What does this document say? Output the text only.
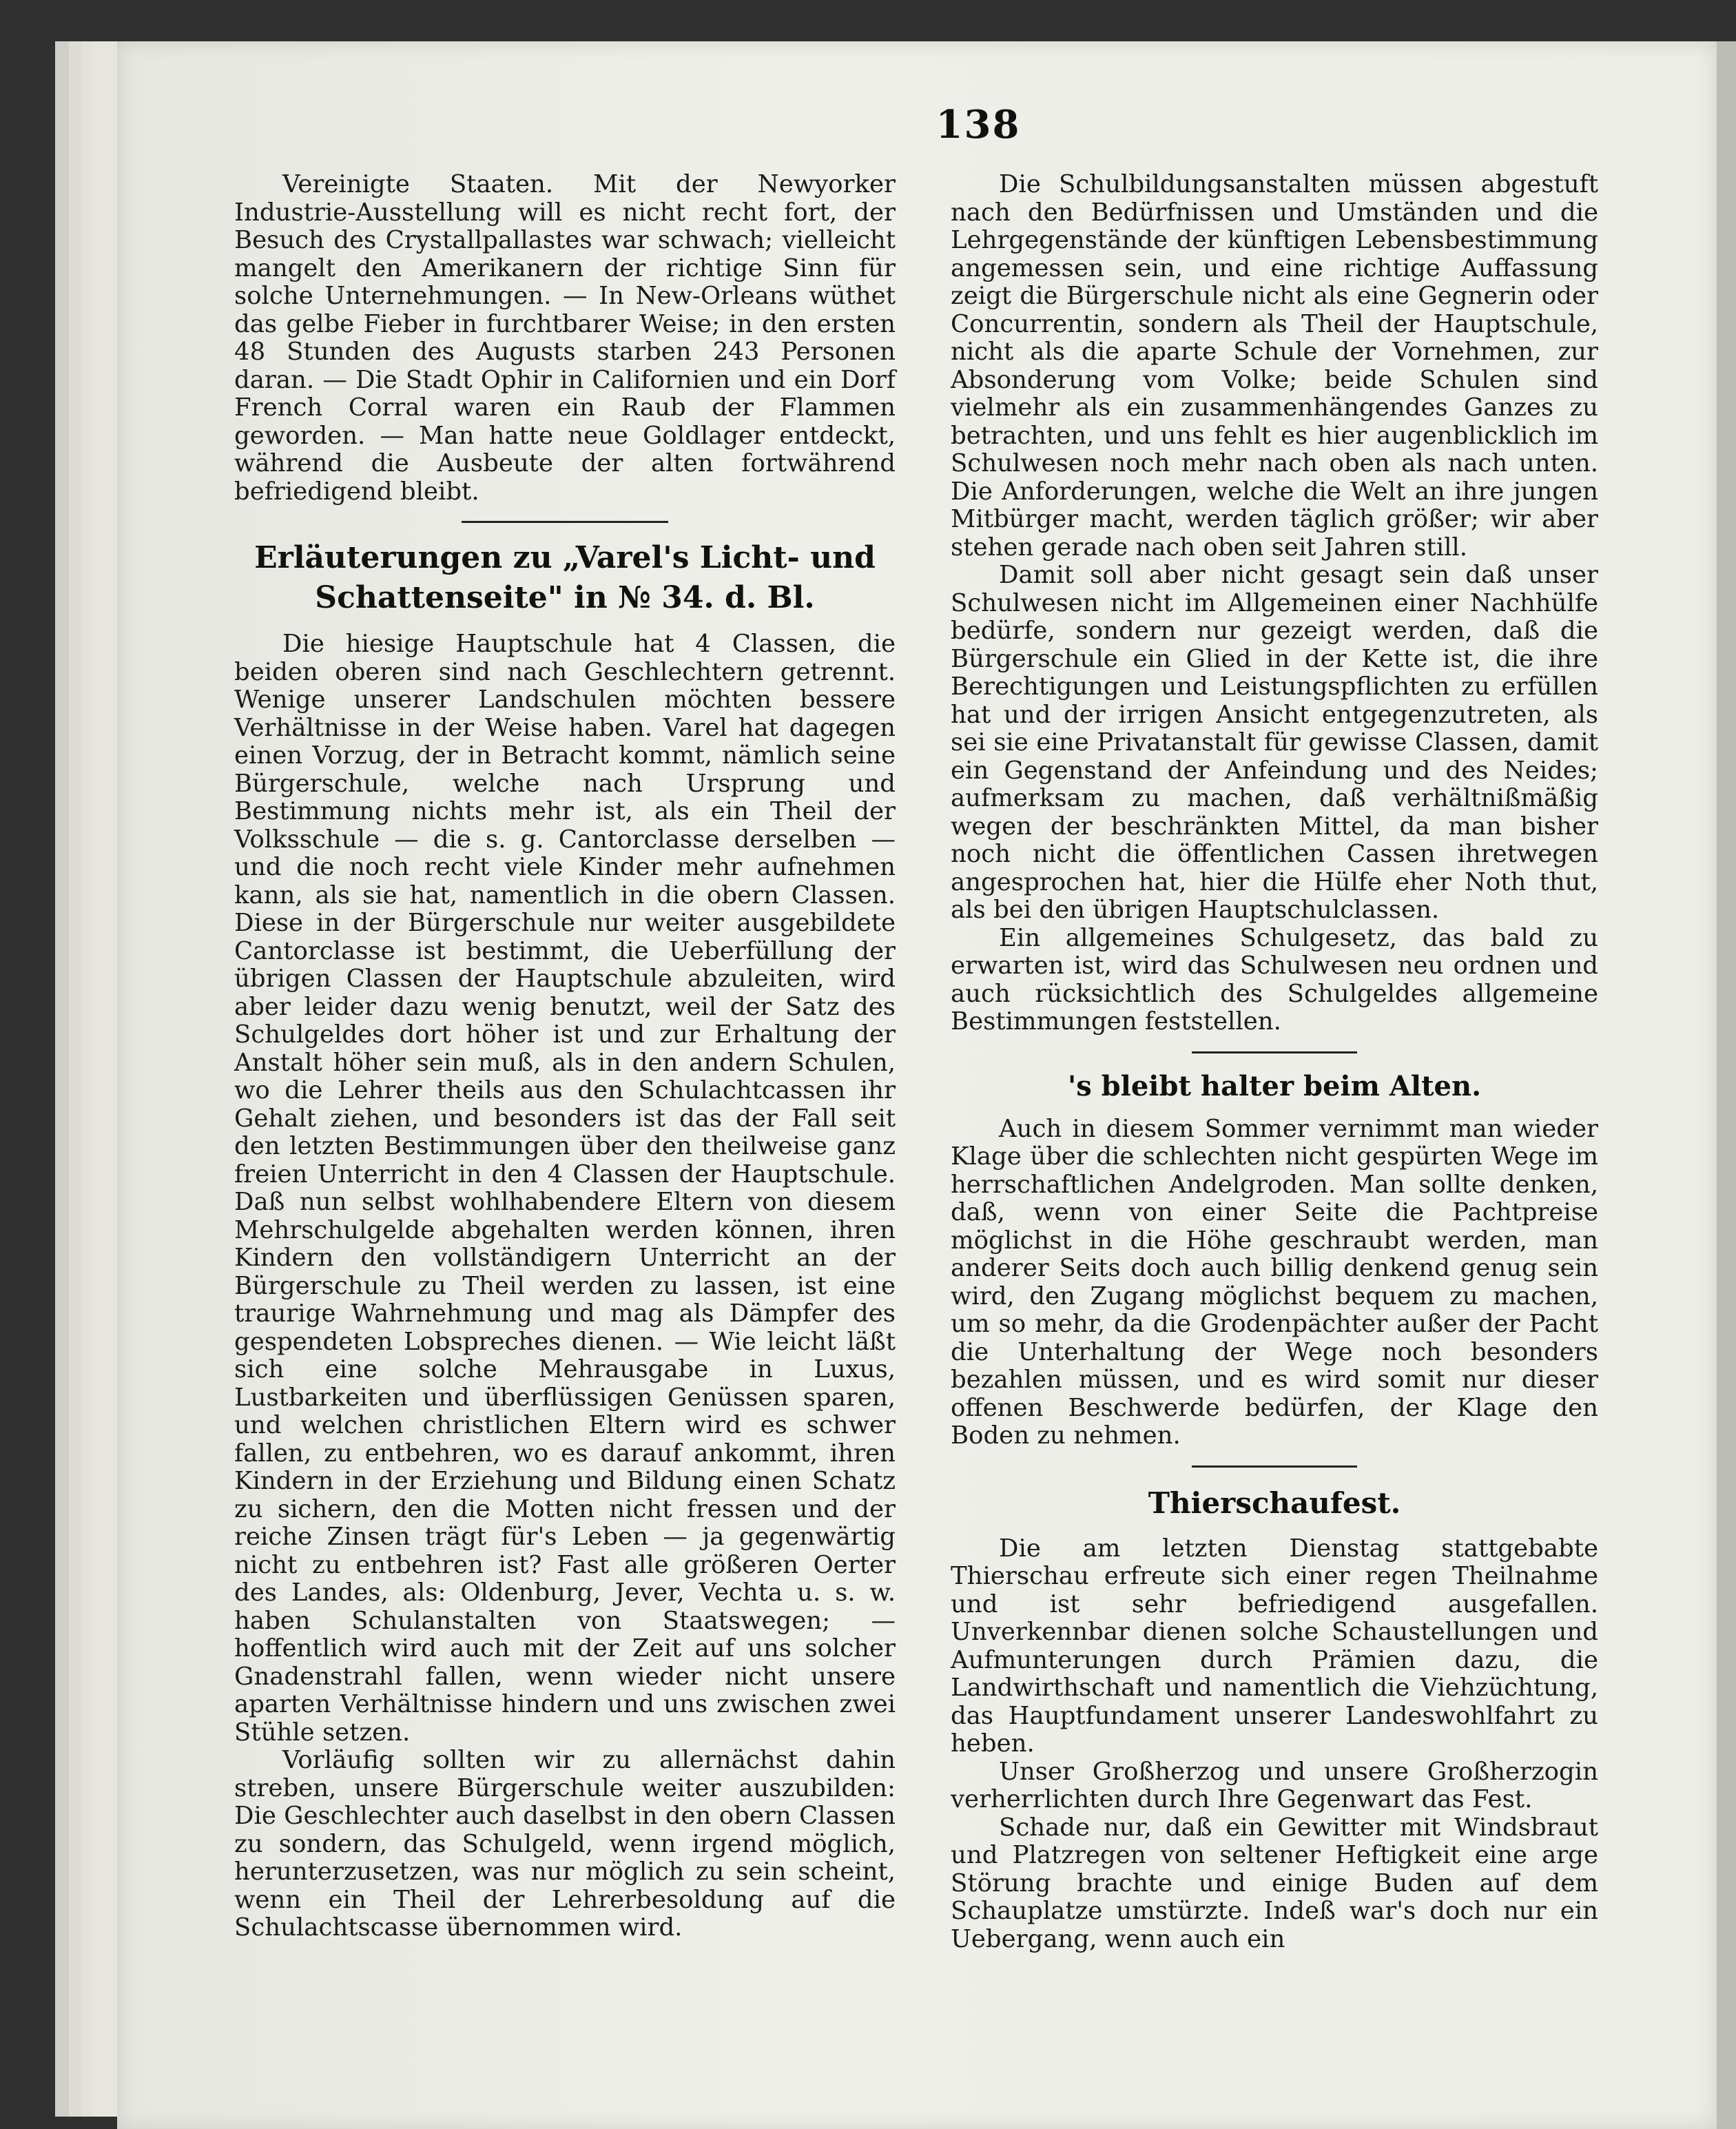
138

Vereinigte Staaten. Mit der Newyorker Industrie-Ausstellung will es nicht recht fort, der Besuch des Crystallpallastes war schwach; vielleicht mangelt den Amerikanern der richtige Sinn für solche Unternehmungen. — In New-Orleans wüthet das gelbe Fieber in furchtbarer Weise; in den ersten 48 Stunden des Augusts starben 243 Personen daran. — Die Stadt Ophir in Californien und ein Dorf French Corral waren ein Raub der Flammen geworden. — Man hatte neue Goldlager entdeckt, während die Ausbeute der alten fortwährend befriedigend bleibt.

Erläuterungen zu „Varel's Licht- und
Schattenseite" in № 34. d. Bl.

Die hiesige Hauptschule hat 4 Classen, die beiden oberen sind nach Geschlechtern getrennt. Wenige unserer Landschulen möchten bessere Verhältnisse in der Weise haben. Varel hat dagegen einen Vorzug, der in Betracht kommt, nämlich seine Bürgerschule, welche nach Ursprung und Bestimmung nichts mehr ist, als ein Theil der Volksschule — die s. g. Cantorclasse derselben — und die noch recht viele Kinder mehr aufnehmen kann, als sie hat, namentlich in die obern Classen. Diese in der Bürgerschule nur weiter ausgebildete Cantorclasse ist bestimmt, die Ueberfüllung der übrigen Classen der Hauptschule abzuleiten, wird aber leider dazu wenig benutzt, weil der Satz des Schulgeldes dort höher ist und zur Erhaltung der Anstalt höher sein muß, als in den andern Schulen, wo die Lehrer theils aus den Schulachtcassen ihr Gehalt ziehen, und besonders ist das der Fall seit den letzten Bestimmungen über den theilweise ganz freien Unterricht in den 4 Classen der Hauptschule. Daß nun selbst wohlhabendere Eltern von diesem Mehrschulgelde abgehalten werden können, ihren Kindern den vollständigern Unterricht an der Bürgerschule zu Theil werden zu lassen, ist eine traurige Wahrnehmung und mag als Dämpfer des gespendeten Lobspreches dienen. — Wie leicht läßt sich eine solche Mehrausgabe in Luxus, Lustbarkeiten und überflüssigen Genüssen sparen, und welchen christlichen Eltern wird es schwer fallen, zu entbehren, wo es darauf ankommt, ihren Kindern in der Erziehung und Bildung einen Schatz zu sichern, den die Motten nicht fressen und der reiche Zinsen trägt für's Leben — ja gegenwärtig nicht zu entbehren ist? Fast alle größeren Oerter des Landes, als: Oldenburg, Jever, Vechta u. s. w. haben Schulanstalten von Staatswegen; — hoffentlich wird auch mit der Zeit auf uns solcher Gnadenstrahl fallen, wenn wieder nicht unsere aparten Verhältnisse hindern und uns zwischen zwei Stühle setzen.

Vorläufig sollten wir zu allernächst dahin streben, unsere Bürgerschule weiter auszubilden: Die Geschlechter auch daselbst in den obern Classen zu sondern, das Schulgeld, wenn irgend möglich, herunterzusetzen, was nur möglich zu sein scheint, wenn ein Theil der Lehrerbesoldung auf die Schulachtscasse übernommen wird.

Die Schulbildungsanstalten müssen abgestuft nach den Bedürfnissen und Umständen und die Lehrgegenstände der künftigen Lebensbestimmung angemessen sein, und eine richtige Auffassung zeigt die Bürgerschule nicht als eine Gegnerin oder Concurrentin, sondern als Theil der Hauptschule, nicht als die aparte Schule der Vornehmen, zur Absonderung vom Volke; beide Schulen sind vielmehr als ein zusammenhängendes Ganzes zu betrachten, und uns fehlt es hier augenblicklich im Schulwesen noch mehr nach oben als nach unten. Die Anforderungen, welche die Welt an ihre jungen Mitbürger macht, werden täglich größer; wir aber stehen gerade nach oben seit Jahren still.

Damit soll aber nicht gesagt sein daß unser Schulwesen nicht im Allgemeinen einer Nachhülfe bedürfe, sondern nur gezeigt werden, daß die Bürgerschule ein Glied in der Kette ist, die ihre Berechtigungen und Leistungspflichten zu erfüllen hat und der irrigen Ansicht entgegenzutreten, als sei sie eine Privatanstalt für gewisse Classen, damit ein Gegenstand der Anfeindung und des Neides; aufmerksam zu machen, daß verhältnißmäßig wegen der beschränkten Mittel, da man bisher noch nicht die öffentlichen Cassen ihretwegen angesprochen hat, hier die Hülfe eher Noth thut, als bei den übrigen Hauptschulclassen.

Ein allgemeines Schulgesetz, das bald zu erwarten ist, wird das Schulwesen neu ordnen und auch rücksichtlich des Schulgeldes allgemeine Bestimmungen feststellen.

's bleibt halter beim Alten.

Auch in diesem Sommer vernimmt man wieder Klage über die schlechten nicht gespürten Wege im herrschaftlichen Andelgroden. Man sollte denken, daß, wenn von einer Seite die Pachtpreise möglichst in die Höhe geschraubt werden, man anderer Seits doch auch billig denkend genug sein wird, den Zugang möglichst bequem zu machen, um so mehr, da die Grodenpächter außer der Pacht die Unterhaltung der Wege noch besonders bezahlen müssen, und es wird somit nur dieser offenen Beschwerde bedürfen, der Klage den Boden zu nehmen.

Thierschaufest.

Die am letzten Dienstag stattgebabte Thierschau erfreute sich einer regen Theilnahme und ist sehr befriedigend ausgefallen. Unverkennbar dienen solche Schaustellungen und Aufmunterungen durch Prämien dazu, die Landwirthschaft und namentlich die Viehzüchtung, das Hauptfundament unserer Landeswohlfahrt zu heben.

Unser Großherzog und unsere Großherzogin verherrlichten durch Ihre Gegenwart das Fest.

Schade nur, daß ein Gewitter mit Windsbraut und Platzregen von seltener Heftigkeit eine arge Störung brachte und einige Buden auf dem Schauplatze umstürzte. Indeß war's doch nur ein Uebergang, wenn auch ein
